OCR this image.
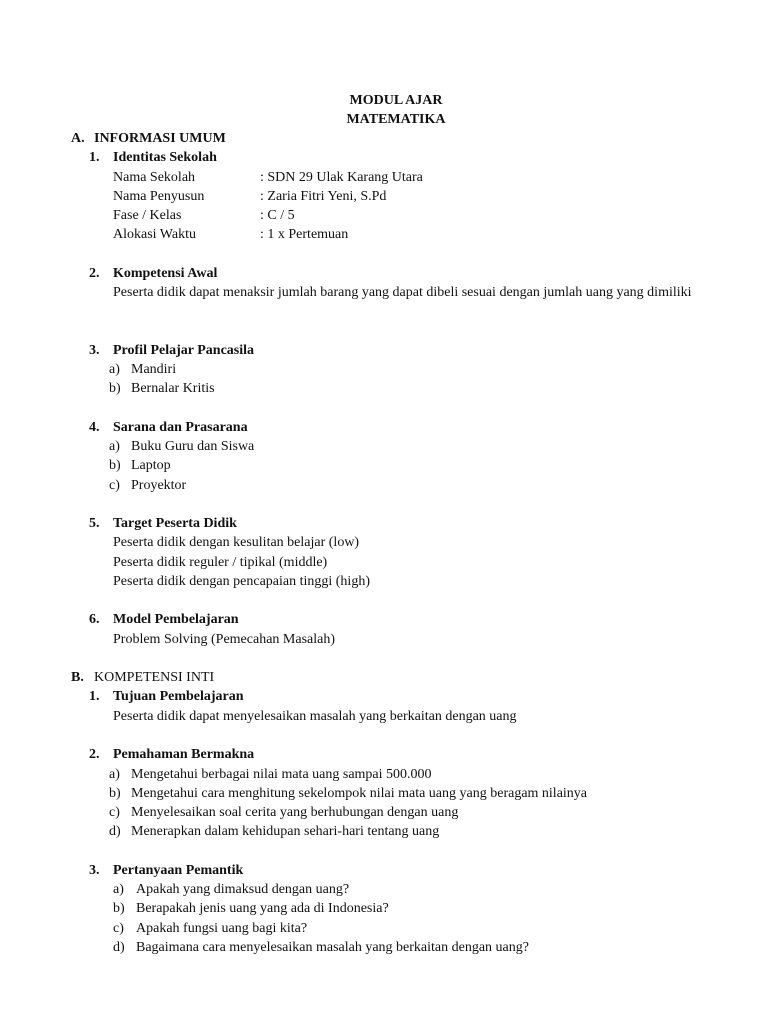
MODUL AJAR
MATEMATIKA
A. INFORMASI UMUM
1. Identitas Sekolah
Nama Sekolah	: SDN 29 Ulak Karang Utara
Nama Penyusun	: Zaria Fitri Yeni, S.Pd
Fase / Kelas	: C / 5
Alokasi Waktu	: 1 x Pertemuan
2. Kompetensi Awal
Peserta didik dapat menaksir jumlah barang yang dapat dibeli sesuai dengan jumlah uang yang dimiliki
3. Profil Pelajar Pancasila
a) Mandiri
b) Bernalar Kritis
4. Sarana dan Prasarana
a) Buku Guru dan Siswa
b) Laptop
c) Proyektor
5. Target Peserta Didik
Peserta didik dengan kesulitan belajar (low)
Peserta didik reguler / tipikal (middle)
Peserta didik dengan pencapaian tinggi (high)
6. Model Pembelajaran
Problem Solving (Pemecahan Masalah)
B. KOMPETENSI INTI
1. Tujuan Pembelajaran
Peserta didik dapat menyelesaikan masalah yang berkaitan dengan uang
2. Pemahaman Bermakna
a) Mengetahui berbagai nilai mata uang sampai 500.000
b) Mengetahui cara menghitung sekelompok nilai mata uang yang beragam nilainya
c) Menyelesaikan soal cerita yang berhubungan dengan uang
d) Menerapkan dalam kehidupan sehari-hari tentang uang
3. Pertanyaan Pemantik
a) Apakah yang dimaksud dengan uang?
b) Berapakah jenis uang yang ada di Indonesia?
c) Apakah fungsi uang bagi kita?
d) Bagaimana cara menyelesaikan masalah yang berkaitan dengan uang?
